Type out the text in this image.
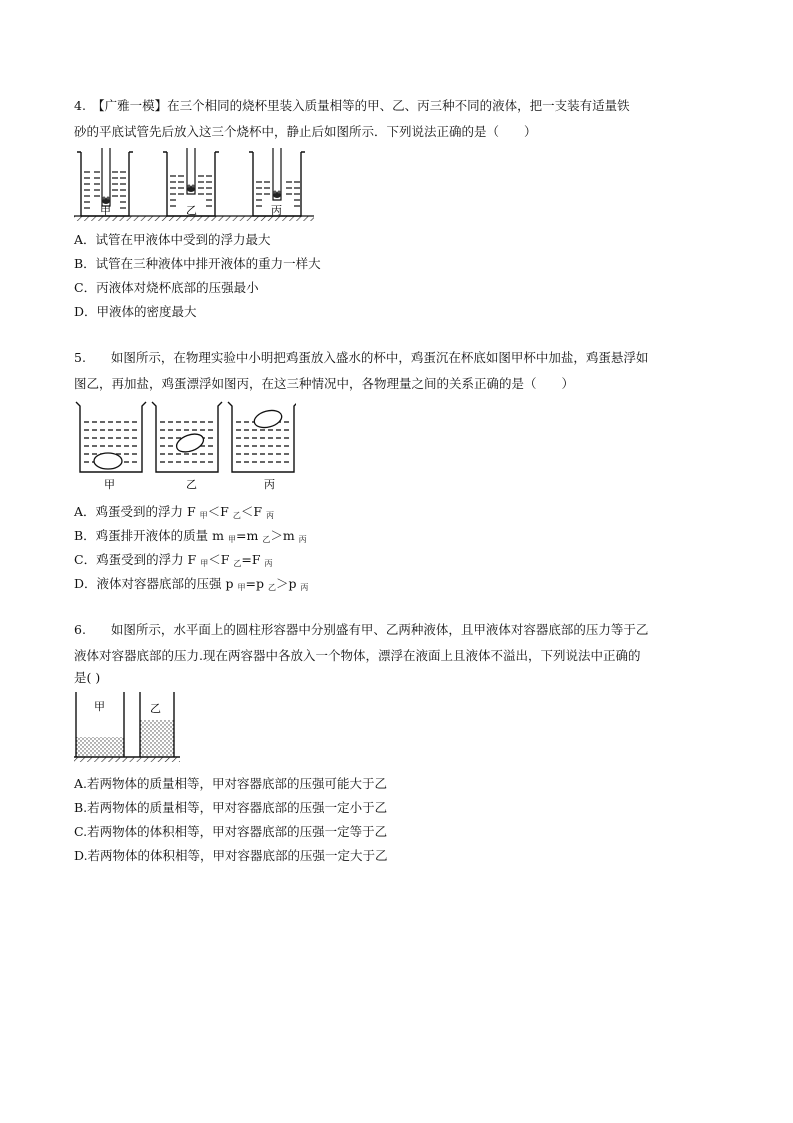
4.　【广雅一模】在三个相同的烧杯里装入质量相等的甲、乙、丙三种不同的液体，把一支装有适量铁
砂的平底试管先后放入这三个烧杯中，静止后如图所示．下列说法正确的是（　　）
甲	乙	丙
A．试管在甲液体中受到的浮力最大
B．试管在三种液体中排开液体的重力一样大
C．丙液体对烧杯底部的压强最小
D．甲液体的密度最大
5.　　如图所示，在物理实验中小明把鸡蛋放入盛水的杯中，鸡蛋沉在杯底如图甲杯中加盐，鸡蛋悬浮如
图乙，再加盐，鸡蛋漂浮如图丙，在这三种情况中，各物理量之间的关系正确的是（　　）
甲	乙	丙
A．鸡蛋受到的浮力 F $_甲$＜F $_乙$＜F $_丙$
B．鸡蛋排开液体的质量 m $_甲$=m $_乙$＞m $_丙$
C．鸡蛋受到的浮力 F $_甲$＜F $_乙$=F $_丙$
D．液体对容器底部的压强 p $_甲$=p $_乙$＞p $_丙$
6.　　如图所示，水平面上的圆柱形容器中分别盛有甲、乙两种液体，且甲液体对容器底部的压力等于乙
液体对容器底部的压力.现在两容器中各放入一个物体，漂浮在液面上且液体不溢出，下列说法中正确的
是( )
甲	乙
A.若两物体的质量相等，甲对容器底部的压强可能大于乙
B.若两物体的质量相等，甲对容器底部的压强一定小于乙
C.若两物体的体积相等，甲对容器底部的压强一定等于乙
D.若两物体的体积相等，甲对容器底部的压强一定大于乙
